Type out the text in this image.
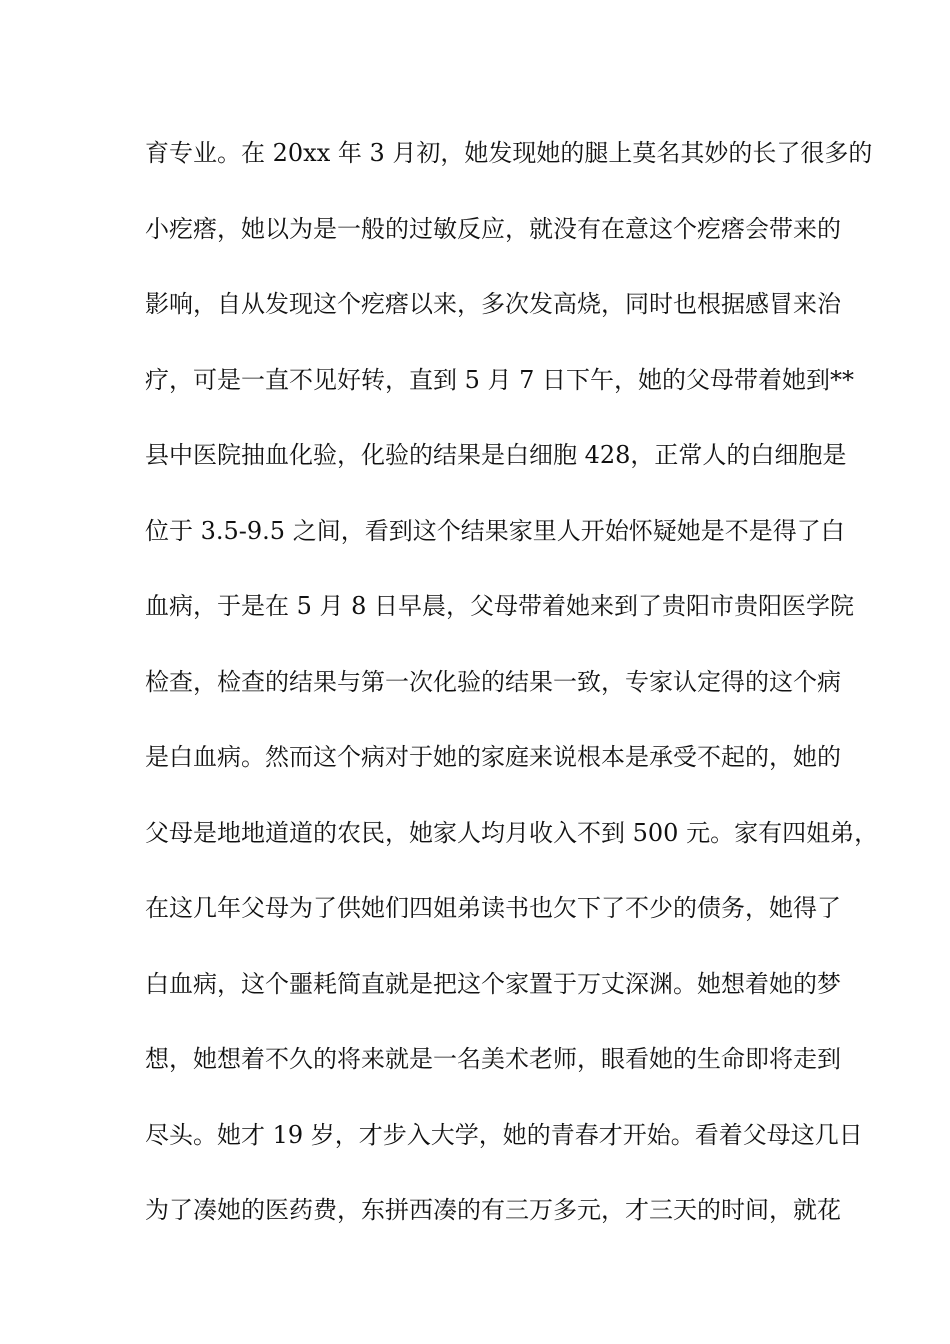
育专业。在 20xx 年 3 月初，她发现她的腿上莫名其妙的长了很多的
小疙瘩，她以为是一般的过敏反应，就没有在意这个疙瘩会带来的
影响，自从发现这个疙瘩以来，多次发高烧，同时也根据感冒来治
疗，可是一直不见好转，直到 5 月 7 日下午，她的父母带着她到**
县中医院抽血化验，化验的结果是白细胞 428，正常人的白细胞是
位于 3.5-9.5 之间，看到这个结果家里人开始怀疑她是不是得了白
血病，于是在 5 月 8 日早晨，父母带着她来到了贵阳市贵阳医学院
检查，检查的结果与第一次化验的结果一致，专家认定得的这个病
是白血病。然而这个病对于她的家庭来说根本是承受不起的，她的
父母是地地道道的农民，她家人均月收入不到 500 元。家有四姐弟，
在这几年父母为了供她们四姐弟读书也欠下了不少的债务，她得了
白血病，这个噩耗简直就是把这个家置于万丈深渊。她想着她的梦
想，她想着不久的将来就是一名美术老师，眼看她的生命即将走到
尽头。她才 19 岁，才步入大学，她的青春才开始。看着父母这几日
为了凑她的医药费，东拼西凑的有三万多元，才三天的时间，就花
